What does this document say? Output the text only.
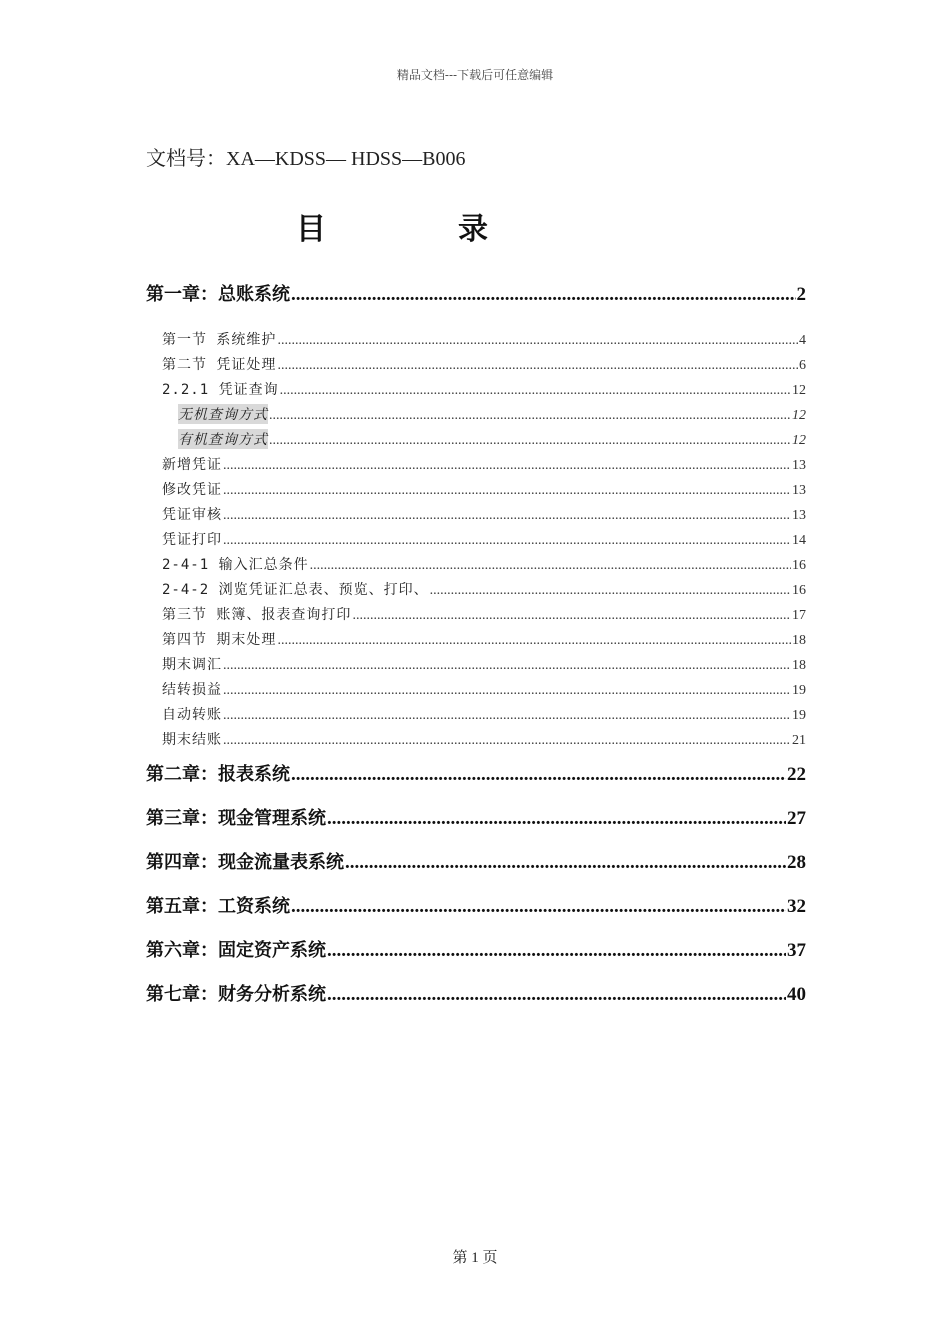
精品文档---下载后可任意编辑
文档号：XA—KDSS— HDSS—B006
目	录
第一章：总账系统 .....	2
第一节 系统维护 .....	4
第二节 凭证处理 .....	6
2.2.1 凭证查询 .....	12
无机查询方式 .....	12
有机查询方式 .....	12
新增凭证 .....	13
修改凭证 .....	13
凭证审核 .....	13
凭证打印 .....	14
2-4-1 输入汇总条件 .....	16
2-4-2 浏览凭证汇总表、预览、打印、 .....	16
第三节 账簿、报表查询打印 .....	17
第四节 期末处理 .....	18
期末调汇 .....	18
结转损益 .....	19
自动转账 .....	19
期末结账 .....	21
第二章：报表系统 .....	22
第三章：现金管理系统 .....	27
第四章：现金流量表系统 .....	28
第五章：工资系统 .....	32
第六章：固定资产系统 .....	37
第七章：财务分析系统 .....	40
第 1 页
